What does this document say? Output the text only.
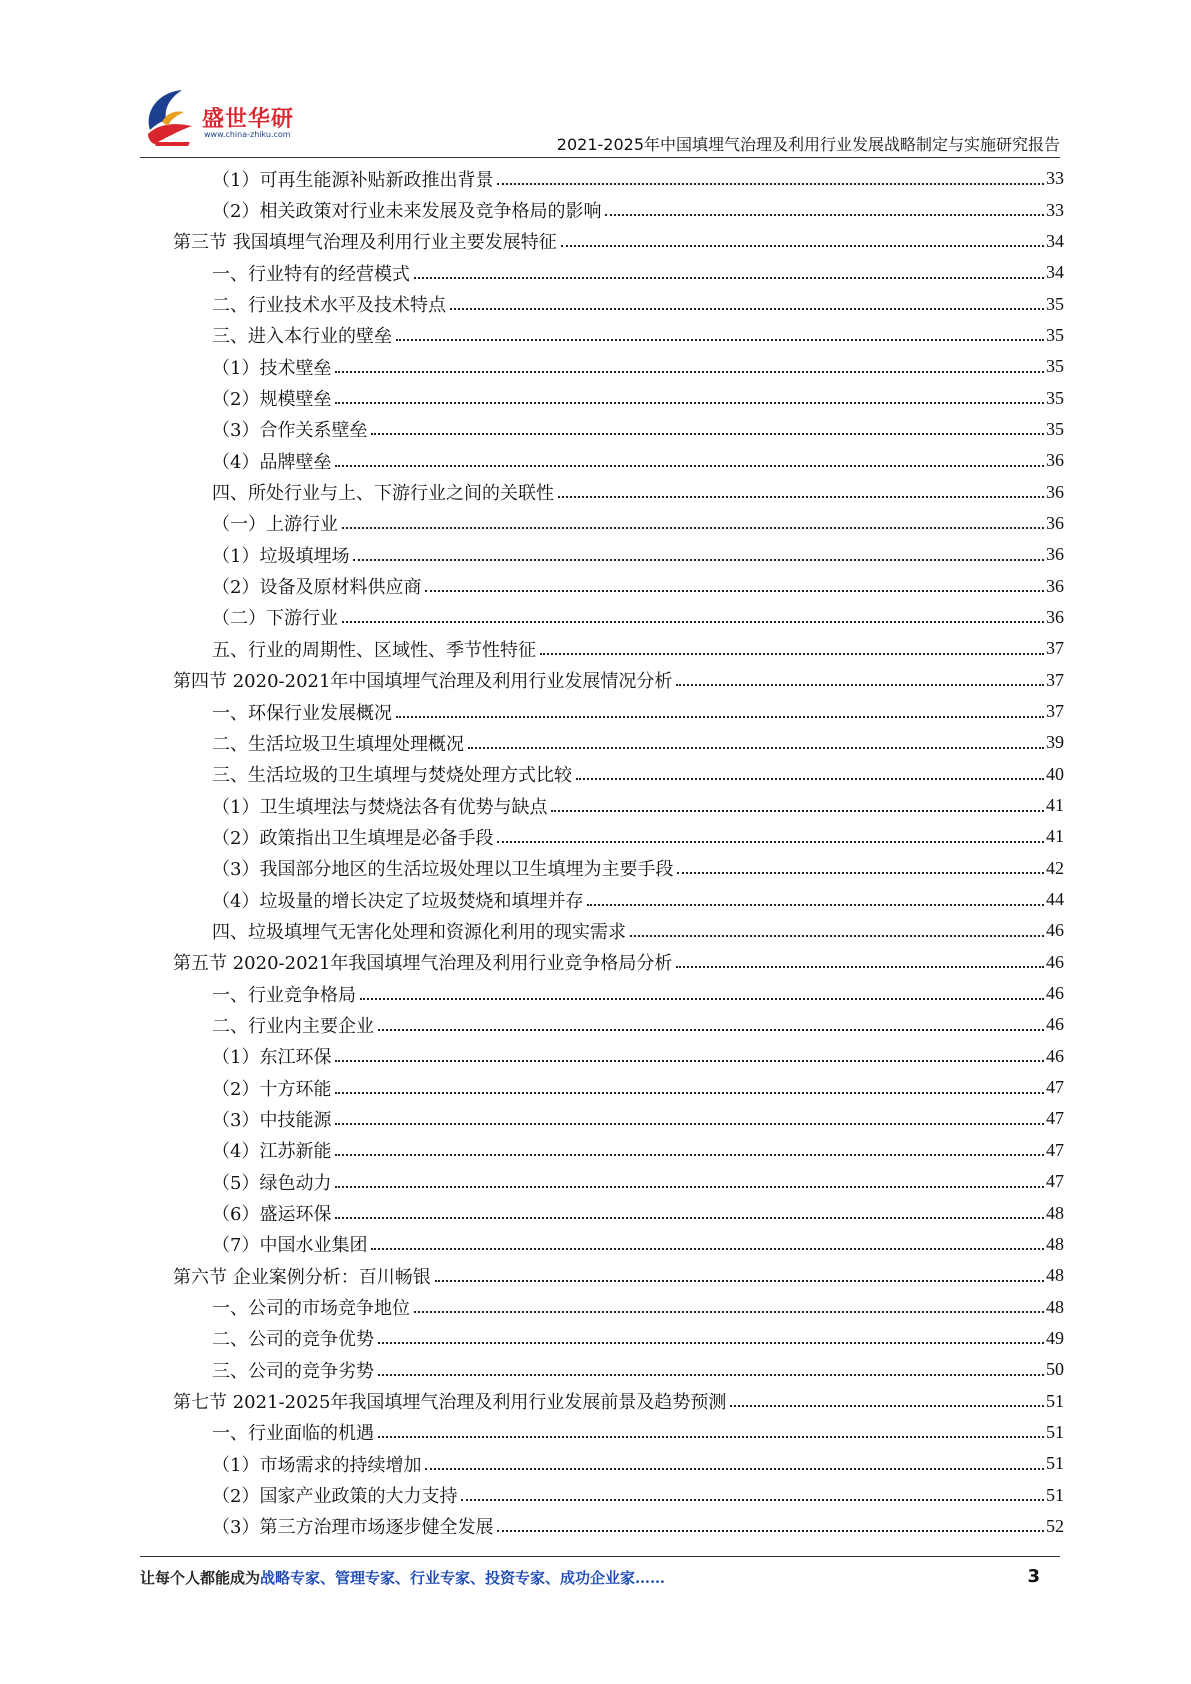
盛世华研
www.china-zhiku.com
2021-2025年中国填埋气治理及利用行业发展战略制定与实施研究报告
（1）可再生能源补贴新政推出背景	33
（2）相关政策对行业未来发展及竞争格局的影响	33
第三节 我国填埋气治理及利用行业主要发展特征	34
一、行业特有的经营模式	34
二、行业技术水平及技术特点	35
三、进入本行业的壁垒	35
（1）技术壁垒	35
（2）规模壁垒	35
（3）合作关系壁垒	35
（4）品牌壁垒	36
四、所处行业与上、下游行业之间的关联性	36
（一）上游行业	36
（1）垃圾填埋场	36
（2）设备及原材料供应商	36
（二）下游行业	36
五、行业的周期性、区域性、季节性特征	37
第四节 2020-2021年中国填埋气治理及利用行业发展情况分析	37
一、环保行业发展概况	37
二、生活垃圾卫生填埋处理概况	39
三、生活垃圾的卫生填埋与焚烧处理方式比较	40
（1）卫生填埋法与焚烧法各有优势与缺点	41
（2）政策指出卫生填埋是必备手段	41
（3）我国部分地区的生活垃圾处理以卫生填埋为主要手段	42
（4）垃圾量的增长决定了垃圾焚烧和填埋并存	44
四、垃圾填埋气无害化处理和资源化利用的现实需求	46
第五节 2020-2021年我国填埋气治理及利用行业竞争格局分析	46
一、行业竞争格局	46
二、行业内主要企业	46
（1）东江环保	46
（2）十方环能	47
（3）中技能源	47
（4）江苏新能	47
（5）绿色动力	47
（6）盛运环保	48
（7）中国水业集团	48
第六节 企业案例分析：百川畅银	48
一、公司的市场竞争地位	48
二、公司的竞争优势	49
三、公司的竞争劣势	50
第七节 2021-2025年我国填埋气治理及利用行业发展前景及趋势预测	51
一、行业面临的机遇	51
（1）市场需求的持续增加	51
（2）国家产业政策的大力支持	51
（3）第三方治理市场逐步健全发展	52
让每个人都能成为战略专家、管理专家、行业专家、投资专家、成功企业家……	3
